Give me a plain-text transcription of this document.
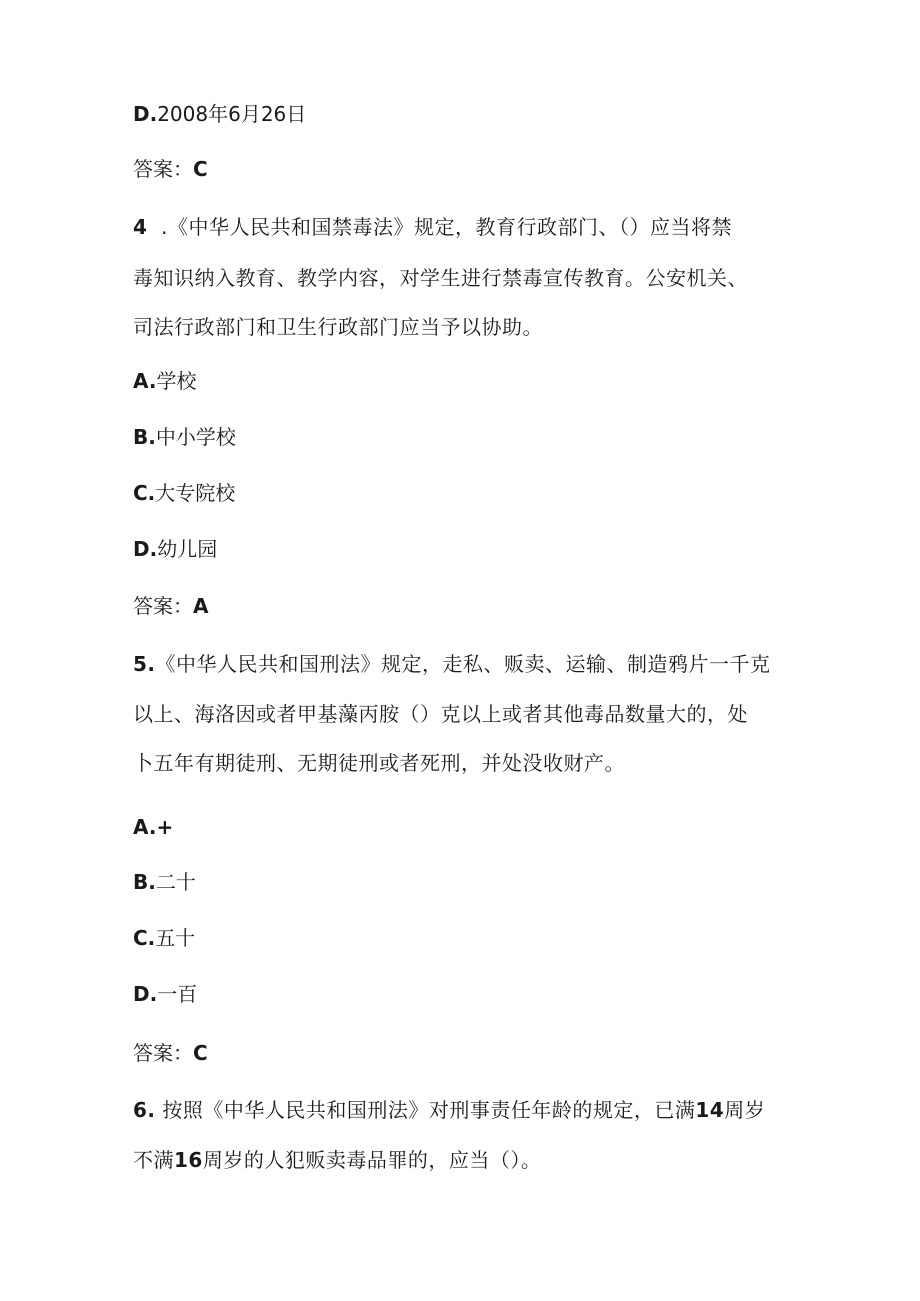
D.2008年6月26日
答案：C
4 .《中华人民共和国禁毒法》规定，教育行政部门、（）应当将禁
毒知识纳入教育、教学内容，对学生进行禁毒宣传教育。公安机关、
司法行政部门和卫生行政部门应当予以协助。
A.学校
B.中小学校
C.大专院校
D.幼儿园
答案：A
5.《中华人民共和国刑法》规定，走私、贩卖、运输、制造鸦片一千克
以上、海洛因或者甲基藻丙胺（）克以上或者其他毒品数量大的，处
卜五年有期徒刑、无期徒刑或者死刑，并处没收财产。
A.+
B.二十
C.五十
D.一百
答案：C
6. 按照《中华人民共和国刑法》对刑事责任年龄的规定，已满14周岁
不满16周岁的人犯贩卖毒品罪的，应当（）。
